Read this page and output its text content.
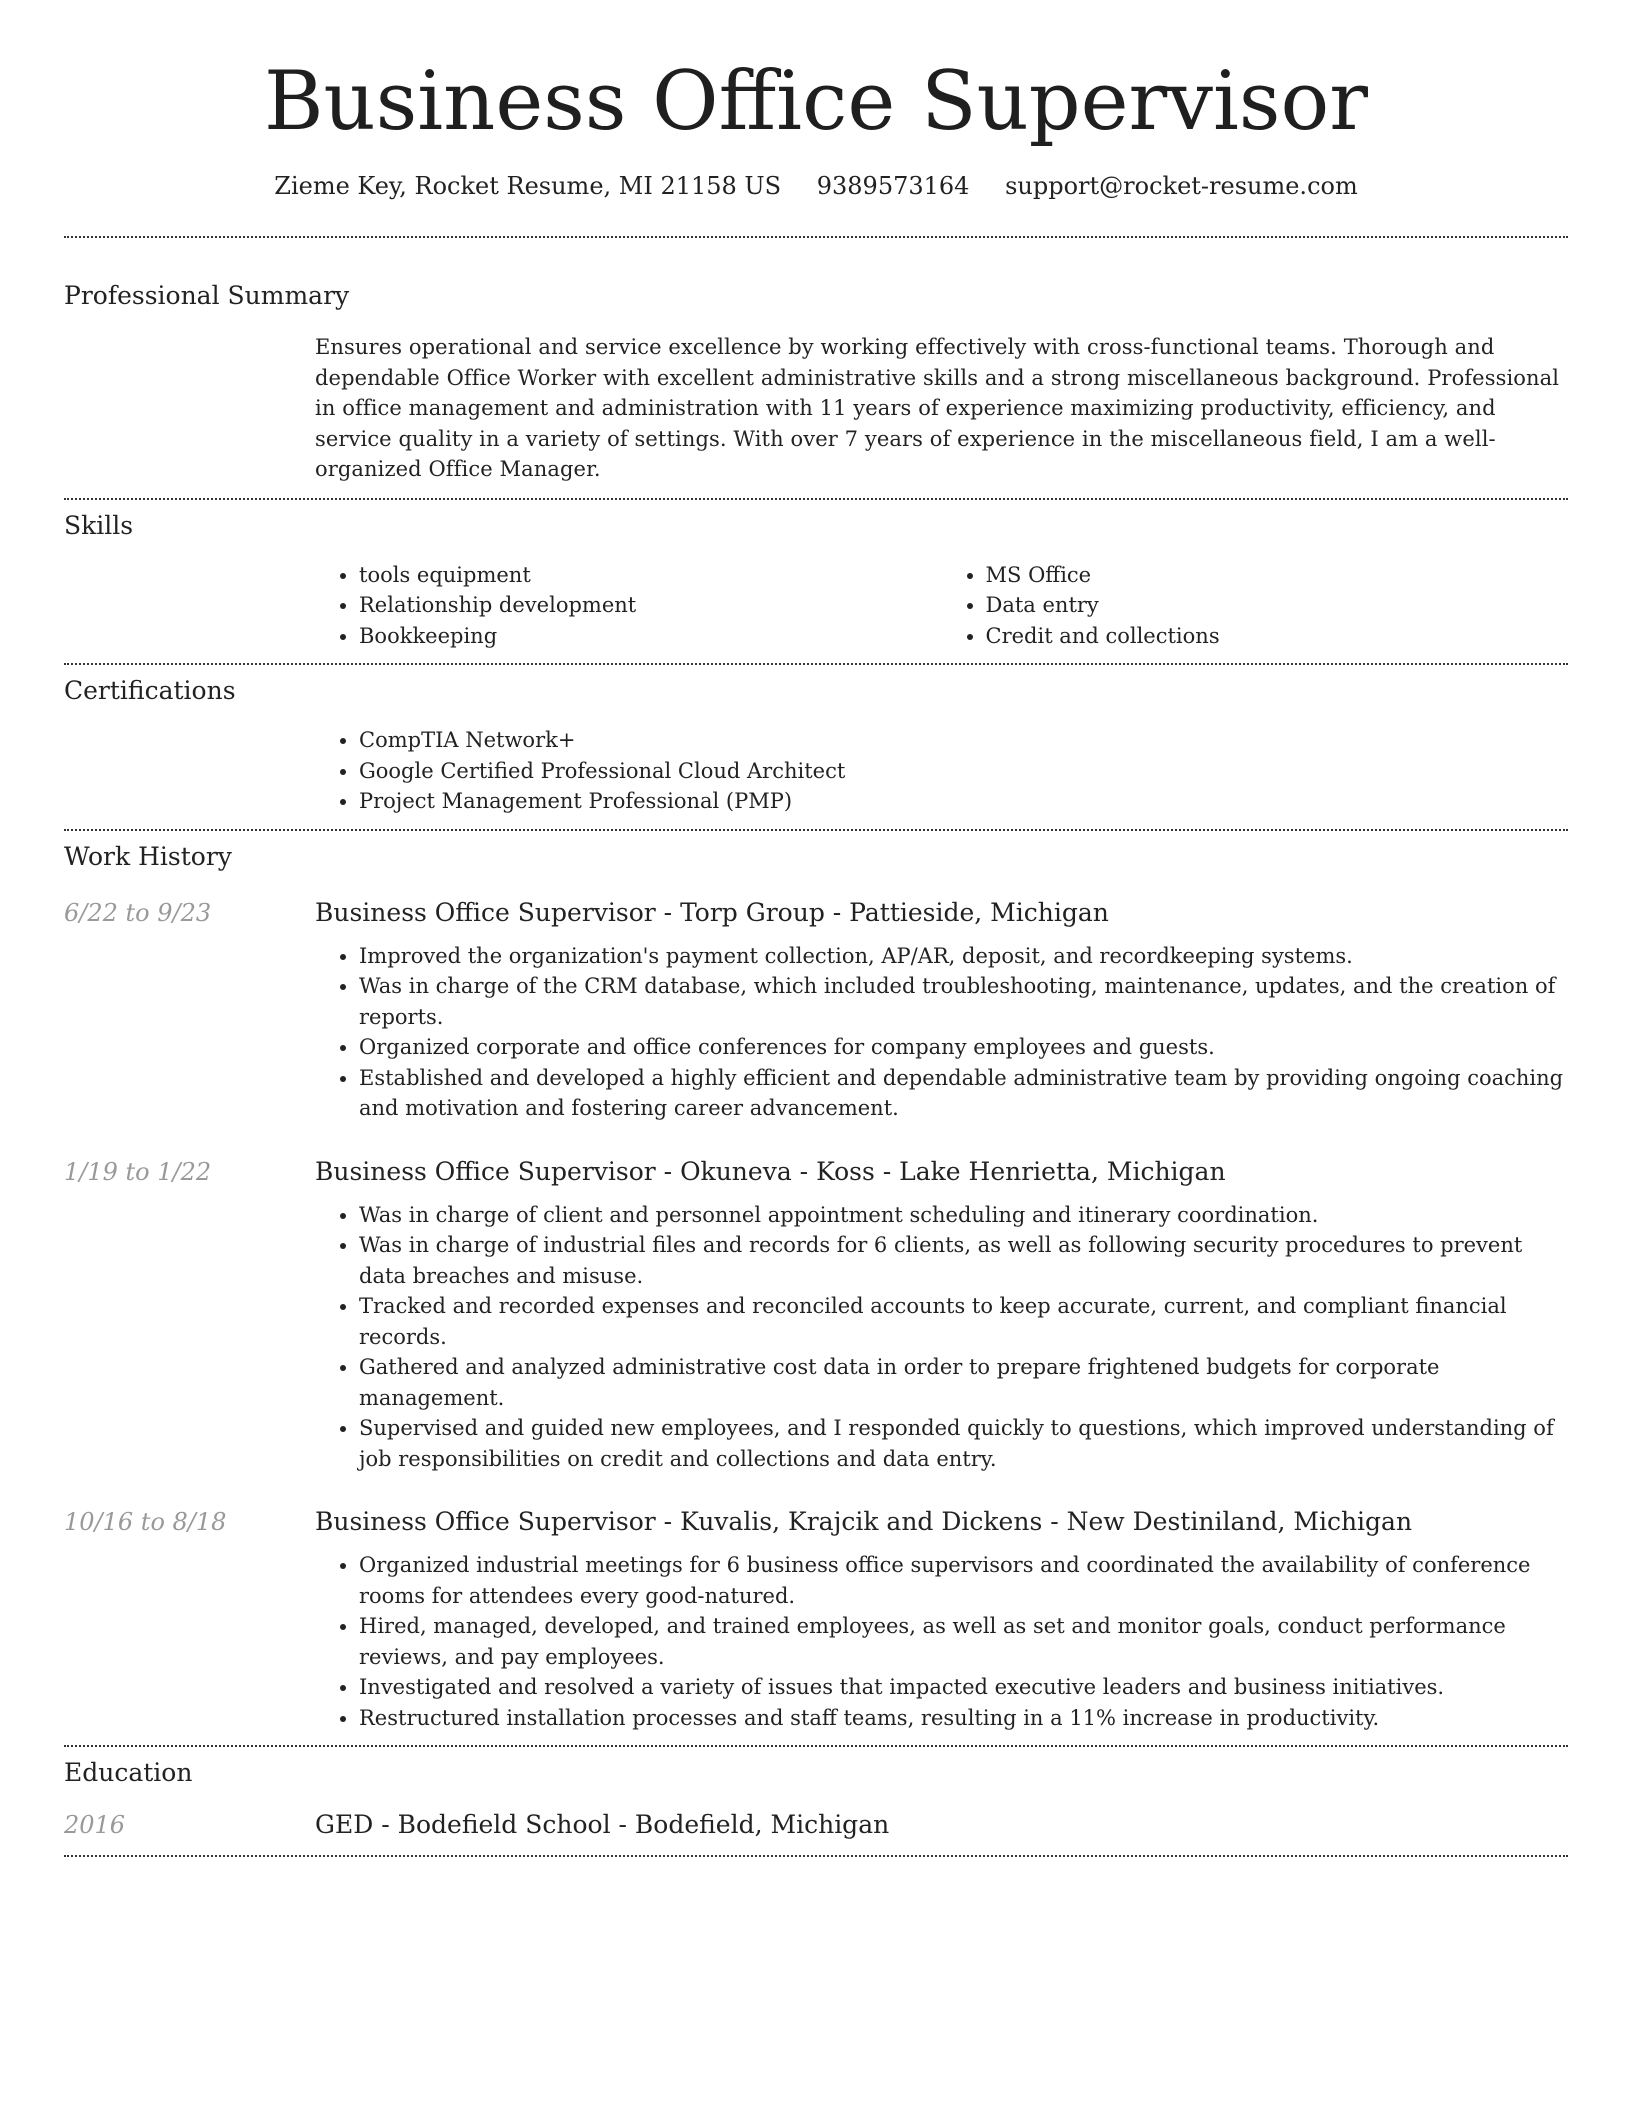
Business Office Supervisor
Zieme Key, Rocket Resume, MI 21158 US 9389573164 support@rocket-resume.com
Professional Summary
Ensures operational and service excellence by working effectively with cross-functional teams. Thorough and dependable Office Worker with excellent administrative skills and a strong miscellaneous background. Professional in office management and administration with 11 years of experience maximizing productivity, efficiency, and service quality in a variety of settings. With over 7 years of experience in the miscellaneous field, I am a well-organized Office Manager.
Skills
• tools equipment
• Relationship development
• Bookkeeping
• MS Office
• Data entry
• Credit and collections
Certifications
• CompTIA Network+
• Google Certified Professional Cloud Architect
• Project Management Professional (PMP)
Work History
6/22 to 9/23	Business Office Supervisor - Torp Group - Pattieside, Michigan
• Improved the organization's payment collection, AP/AR, deposit, and recordkeeping systems.
• Was in charge of the CRM database, which included troubleshooting, maintenance, updates, and the creation of reports.
• Organized corporate and office conferences for company employees and guests.
• Established and developed a highly efficient and dependable administrative team by providing ongoing coaching and motivation and fostering career advancement.
1/19 to 1/22	Business Office Supervisor - Okuneva - Koss - Lake Henrietta, Michigan
• Was in charge of client and personnel appointment scheduling and itinerary coordination.
• Was in charge of industrial files and records for 6 clients, as well as following security procedures to prevent data breaches and misuse.
• Tracked and recorded expenses and reconciled accounts to keep accurate, current, and compliant financial records.
• Gathered and analyzed administrative cost data in order to prepare frightened budgets for corporate management.
• Supervised and guided new employees, and I responded quickly to questions, which improved understanding of job responsibilities on credit and collections and data entry.
10/16 to 8/18	Business Office Supervisor - Kuvalis, Krajcik and Dickens - New Destiniland, Michigan
• Organized industrial meetings for 6 business office supervisors and coordinated the availability of conference rooms for attendees every good-natured.
• Hired, managed, developed, and trained employees, as well as set and monitor goals, conduct performance reviews, and pay employees.
• Investigated and resolved a variety of issues that impacted executive leaders and business initiatives.
• Restructured installation processes and staff teams, resulting in a 11% increase in productivity.
Education
2016	GED - Bodefield School - Bodefield, Michigan
